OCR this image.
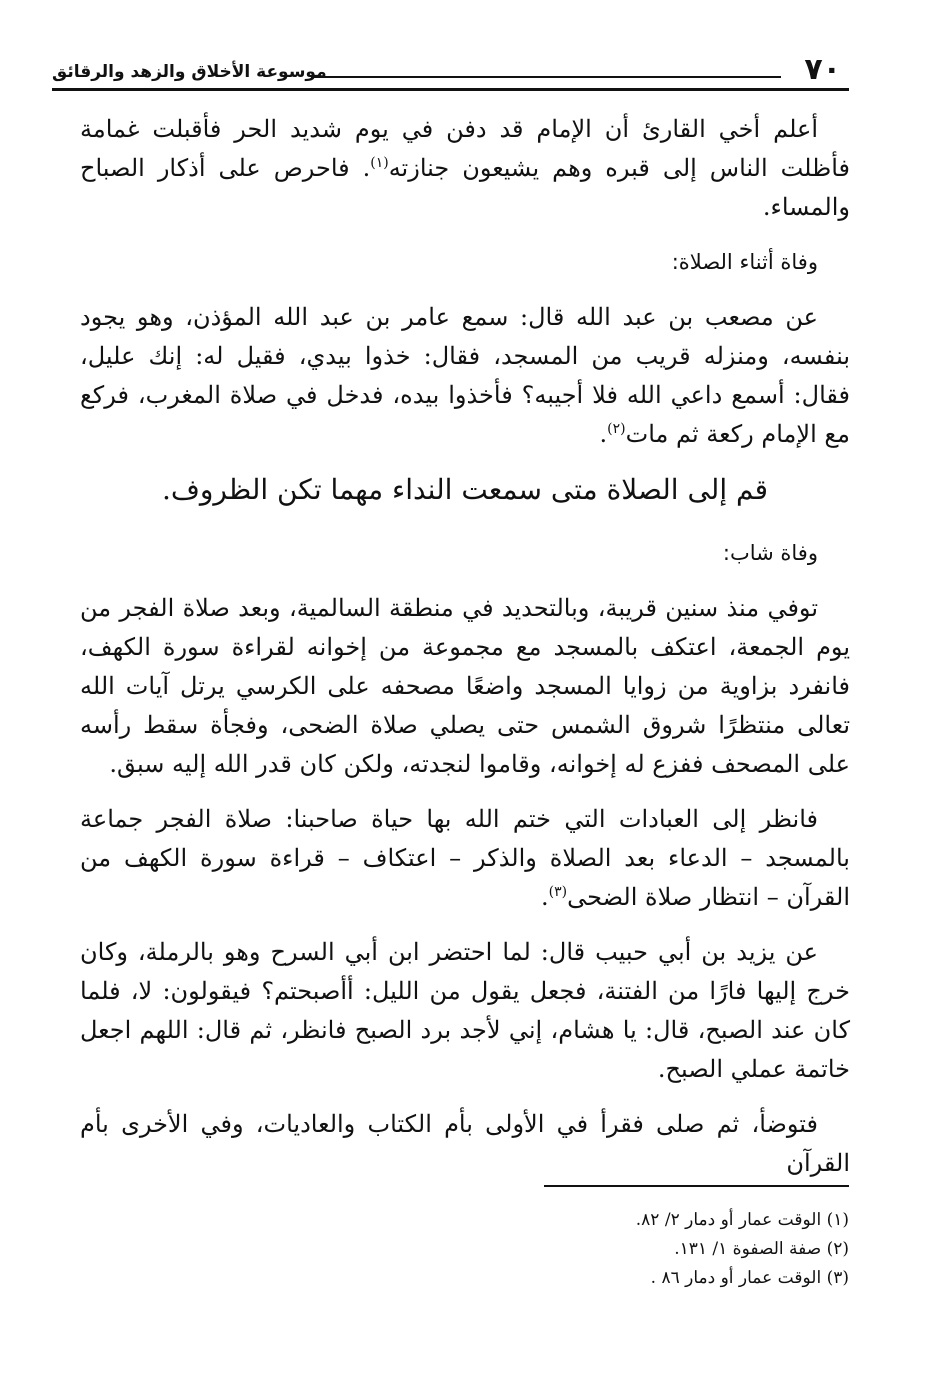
٧٠
موسوعة الأخلاق والزهد والرقائق

أعلم أخي القارئ أن الإمام قد دفن في يوم شديد الحر فأقبلت غمامة فأظلت الناس إلى قبره وهم يشيعون جنازته$^{(١)}$. فاحرص على أذكار الصباح والمساء.

وفاة أثناء الصلاة:

عن مصعب بن عبد الله قال: سمع عامر بن عبد الله المؤذن، وهو يجود بنفسه، ومنزله قريب من المسجد، فقال: خذوا بيدي، فقيل له: إنك عليل، فقال: أسمع داعي الله فلا أجيبه؟ فأخذوا بيده، فدخل في صلاة المغرب، فركع مع الإمام ركعة ثم مات$^{(٢)}$.

قم إلى الصلاة متى سمعت النداء مهما تكن الظروف.

وفاة شاب:

توفي منذ سنين قريبة، وبالتحديد في منطقة السالمية، وبعد صلاة الفجر من يوم الجمعة، اعتكف بالمسجد مع مجموعة من إخوانه لقراءة سورة الكهف، فانفرد بزاوية من زوايا المسجد واضعًا مصحفه على الكرسي يرتل آيات الله تعالى منتظرًا شروق الشمس حتى يصلي صلاة الضحى، وفجأة سقط رأسه على المصحف ففزع له إخوانه، وقاموا لنجدته، ولكن كان قدر الله إليه سبق.

فانظر إلى العبادات التي ختم الله بها حياة صاحبنا: صلاة الفجر جماعة بالمسجد – الدعاء بعد الصلاة والذكر – اعتكاف – قراءة سورة الكهف من القرآن – انتظار صلاة الضحى$^{(٣)}$.

عن يزيد بن أبي حبيب قال: لما احتضر ابن أبي السرح وهو بالرملة، وكان خرج إليها فارًا من الفتنة، فجعل يقول من الليل: أأصبحتم؟ فيقولون: لا، فلما كان عند الصبح، قال: يا هشام، إني لأجد برد الصبح فانظر، ثم قال: اللهم اجعل خاتمة عملي الصبح.

فتوضأ، ثم صلى فقرأ في الأولى بأم الكتاب والعاديات، وفي الأخرى بأم القرآن

(١) الوقت عمار أو دمار ٢/ ٨٢.

(٢) صفة الصفوة ١/ ١٣١.

(٣) الوقت عمار أو دمار ٨٦ .
